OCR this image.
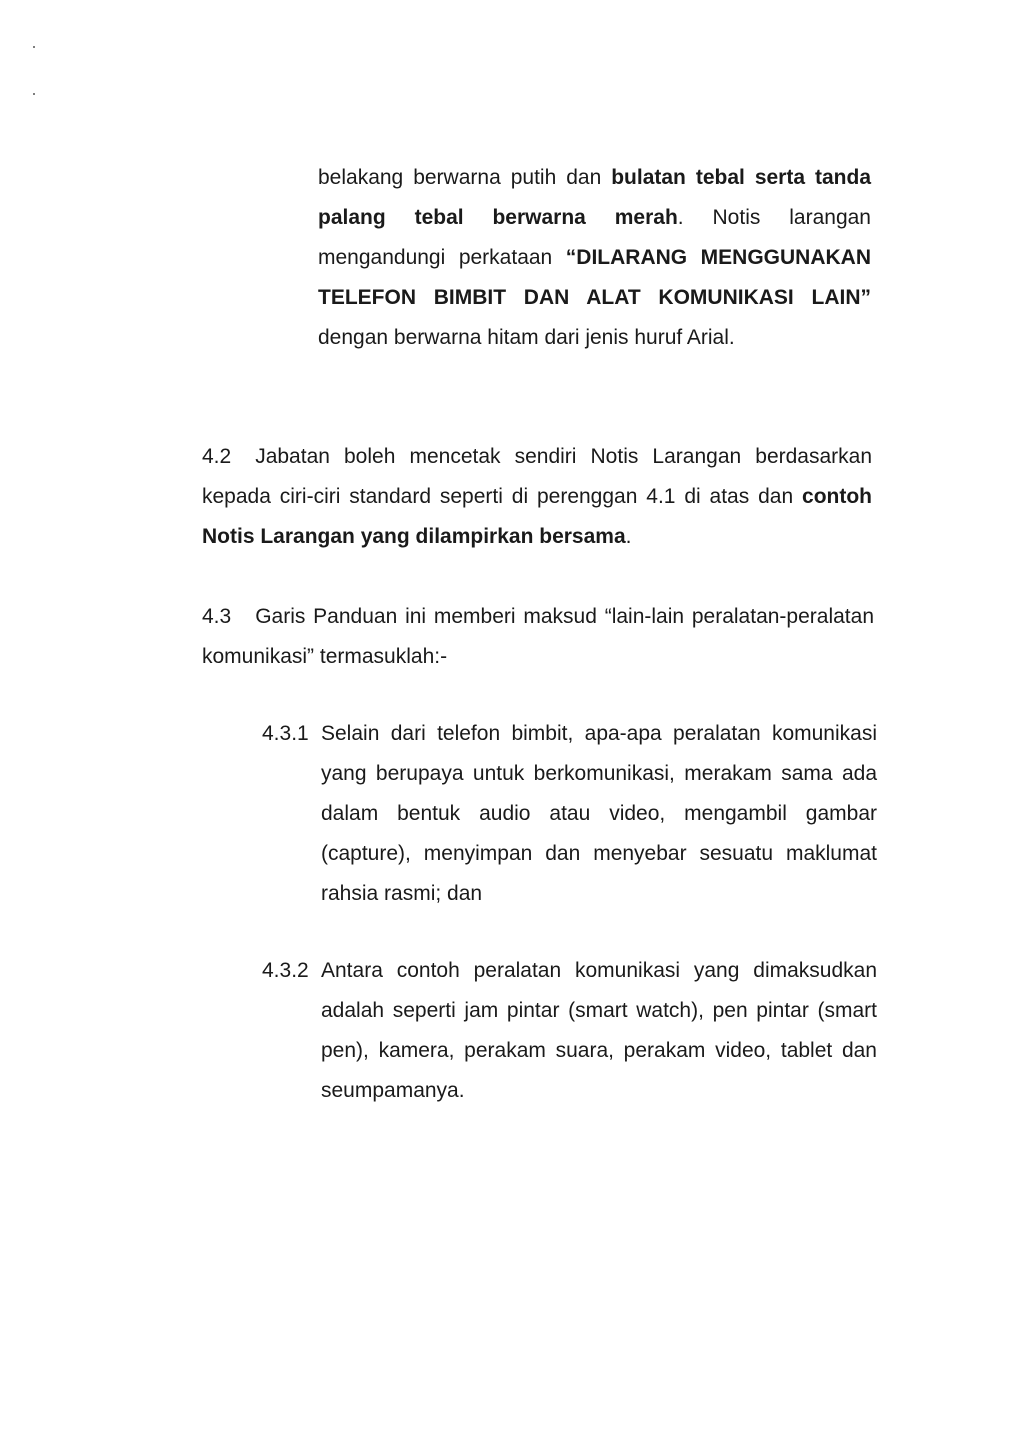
belakang berwarna putih dan bulatan tebal serta tanda palang tebal berwarna merah. Notis larangan mengandungi perkataan “DILARANG MENGGUNAKAN TELEFON BIMBIT DAN ALAT KOMUNIKASI LAIN” dengan berwarna hitam dari jenis huruf Arial.

4.2 Jabatan boleh mencetak sendiri Notis Larangan berdasarkan kepada ciri-ciri standard seperti di perenggan 4.1 di atas dan contoh Notis Larangan yang dilampirkan bersama.

4.3 Garis Panduan ini memberi maksud “lain-lain peralatan-peralatan komunikasi” termasuklah:-

4.3.1 Selain dari telefon bimbit, apa-apa peralatan komunikasi yang berupaya untuk berkomunikasi, merakam sama ada dalam bentuk audio atau video, mengambil gambar (capture), menyimpan dan menyebar sesuatu maklumat rahsia rasmi; dan

4.3.2 Antara contoh peralatan komunikasi yang dimaksudkan adalah seperti jam pintar (smart watch), pen pintar (smart pen), kamera, perakam suara, perakam video, tablet dan seumpamanya.
